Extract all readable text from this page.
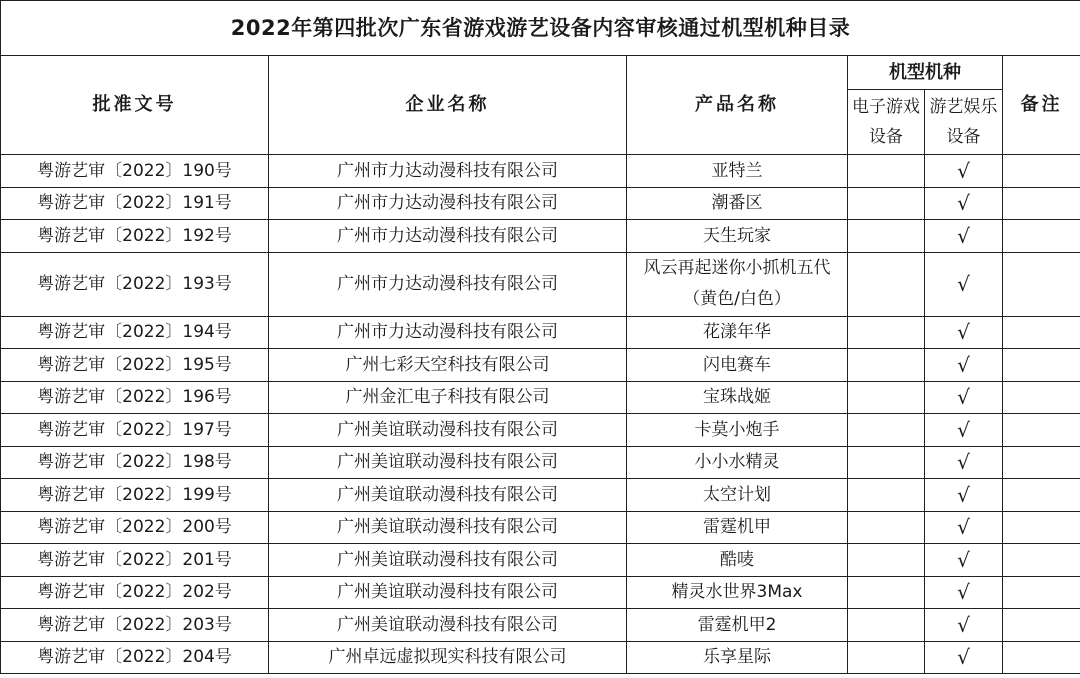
2022年第四批次广东省游戏游艺设备内容审核通过机型机种目录					
批准文号	企业名称	产品名称	机型机种		备注
			电子游戏设备	游艺娱乐设备	
粤游艺审〔2022〕190号	广州市力达动漫科技有限公司	亚特兰		√	
粤游艺审〔2022〕191号	广州市力达动漫科技有限公司	潮番区		√	
粤游艺审〔2022〕192号	广州市力达动漫科技有限公司	天生玩家		√	
粤游艺审〔2022〕193号	广州市力达动漫科技有限公司	风云再起迷你小抓机五代（黄色/白色）		√	
粤游艺审〔2022〕194号	广州市力达动漫科技有限公司	花漾年华		√	
粤游艺审〔2022〕195号	广州七彩天空科技有限公司	闪电赛车		√	
粤游艺审〔2022〕196号	广州金汇电子科技有限公司	宝珠战姬		√	
粤游艺审〔2022〕197号	广州美谊联动漫科技有限公司	卡莫小炮手		√	
粤游艺审〔2022〕198号	广州美谊联动漫科技有限公司	小小水精灵		√	
粤游艺审〔2022〕199号	广州美谊联动漫科技有限公司	太空计划		√	
粤游艺审〔2022〕200号	广州美谊联动漫科技有限公司	雷霆机甲		√	
粤游艺审〔2022〕201号	广州美谊联动漫科技有限公司	酷唛		√	
粤游艺审〔2022〕202号	广州美谊联动漫科技有限公司	精灵水世界3Max		√	
粤游艺审〔2022〕203号	广州美谊联动漫科技有限公司	雷霆机甲2		√	
粤游艺审〔2022〕204号	广州卓远虚拟现实科技有限公司	乐享星际		√	
